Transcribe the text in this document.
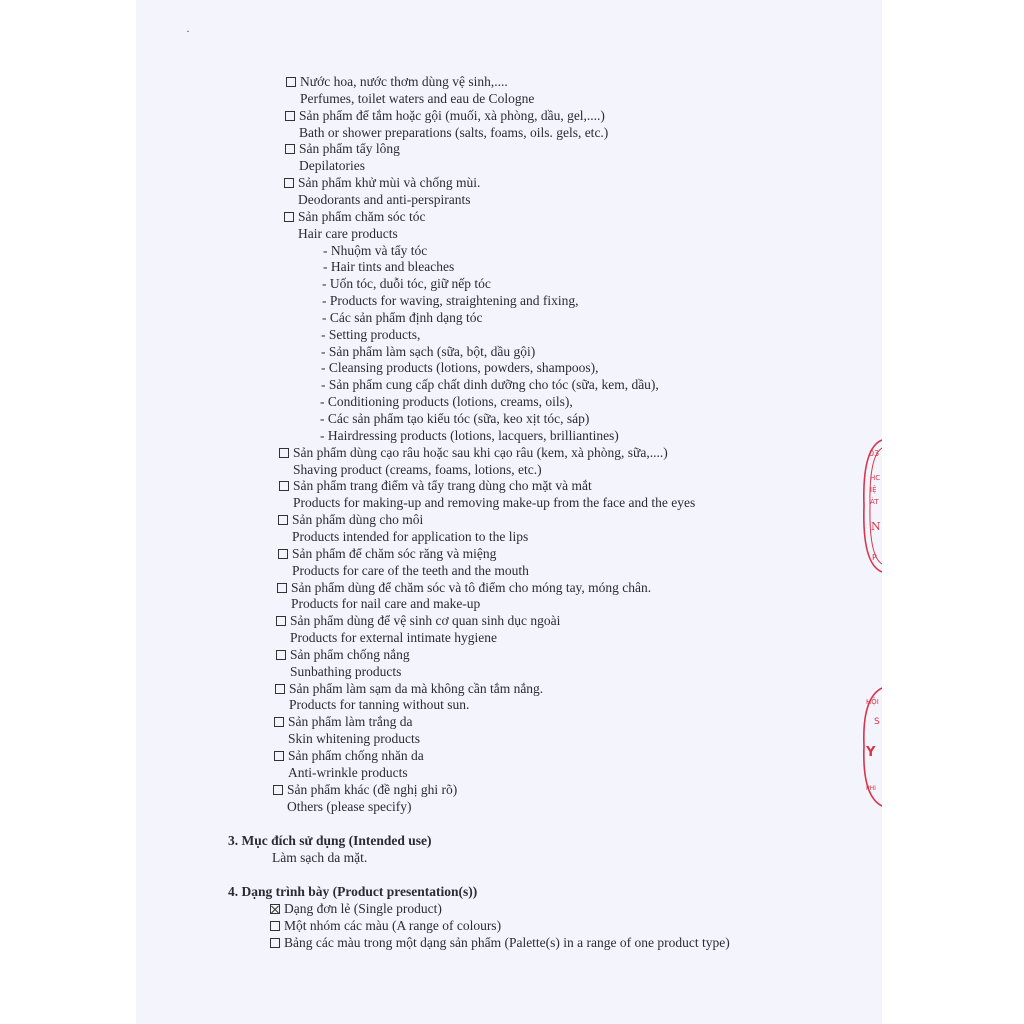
·
Nước hoa, nước thơm dùng vệ sinh,....
Perfumes, toilet waters and eau de Cologne
Sản phẩm để tắm hoặc gội (muối, xà phòng, dầu, gel,....)
Bath or shower preparations (salts, foams, oils. gels, etc.)
Sản phẩm tẩy lông
Depilatories
Sản phẩm khử mùi và chống mùi.
Deodorants and anti-perspirants
Sản phẩm chăm sóc tóc
Hair care products
- Nhuộm và tẩy tóc
- Hair tints and bleaches
- Uốn tóc, duỗi tóc, giữ nếp tóc
- Products for waving, straightening and fixing,
- Các sản phẩm định dạng tóc
- Setting products,
- Sản phẩm làm sạch (sữa, bột, dầu gội)
- Cleansing products (lotions, powders, shampoos),
- Sản phẩm cung cấp chất dinh dưỡng cho tóc (sữa, kem, dầu),
- Conditioning products (lotions, creams, oils),
- Các sản phẩm tạo kiểu tóc (sữa, keo xịt tóc, sáp)
- Hairdressing products (lotions, lacquers, brilliantines)
Sản phẩm dùng cạo râu hoặc sau khi cạo râu (kem, xà phòng, sữa,....)
Shaving product (creams, foams, lotions, etc.)
Sản phẩm trang điểm và tẩy trang dùng cho mặt và mắt
Products for making-up and removing make-up from the face and the eyes
Sản phẩm dùng cho môi
Products intended for application to the lips
Sản phẩm để chăm sóc răng và miệng
Products for care of the teeth and the mouth
Sản phẩm dùng để chăm sóc và tô điểm cho móng tay, móng chân.
Products for nail care and make-up
Sản phẩm dùng để vệ sinh cơ quan sinh dục ngoài
Products for external intimate hygiene
Sản phẩm chống nắng
Sunbathing products
Sản phẩm làm sạm da mà không cần tắm nắng.
Products for tanning without sun.
Sản phẩm làm trắng da
Skin whitening products
Sản phẩm chống nhăn da
Anti-wrinkle products
Sản phẩm khác (đề nghị ghi rõ)
Others (please specify)
3. Mục đích sử dụng (Intended use)
Làm sạch da mặt.
4. Dạng trình bày (Product presentation(s))
Dạng đơn lẻ (Single product)
Một nhóm các màu (A range of colours)
Bảng các màu trong một dạng sản phẩm (Palette(s) in a range of one product type)
03
HC
IỆ
ÁT
N
P
HỘI
S
Y
PHI
